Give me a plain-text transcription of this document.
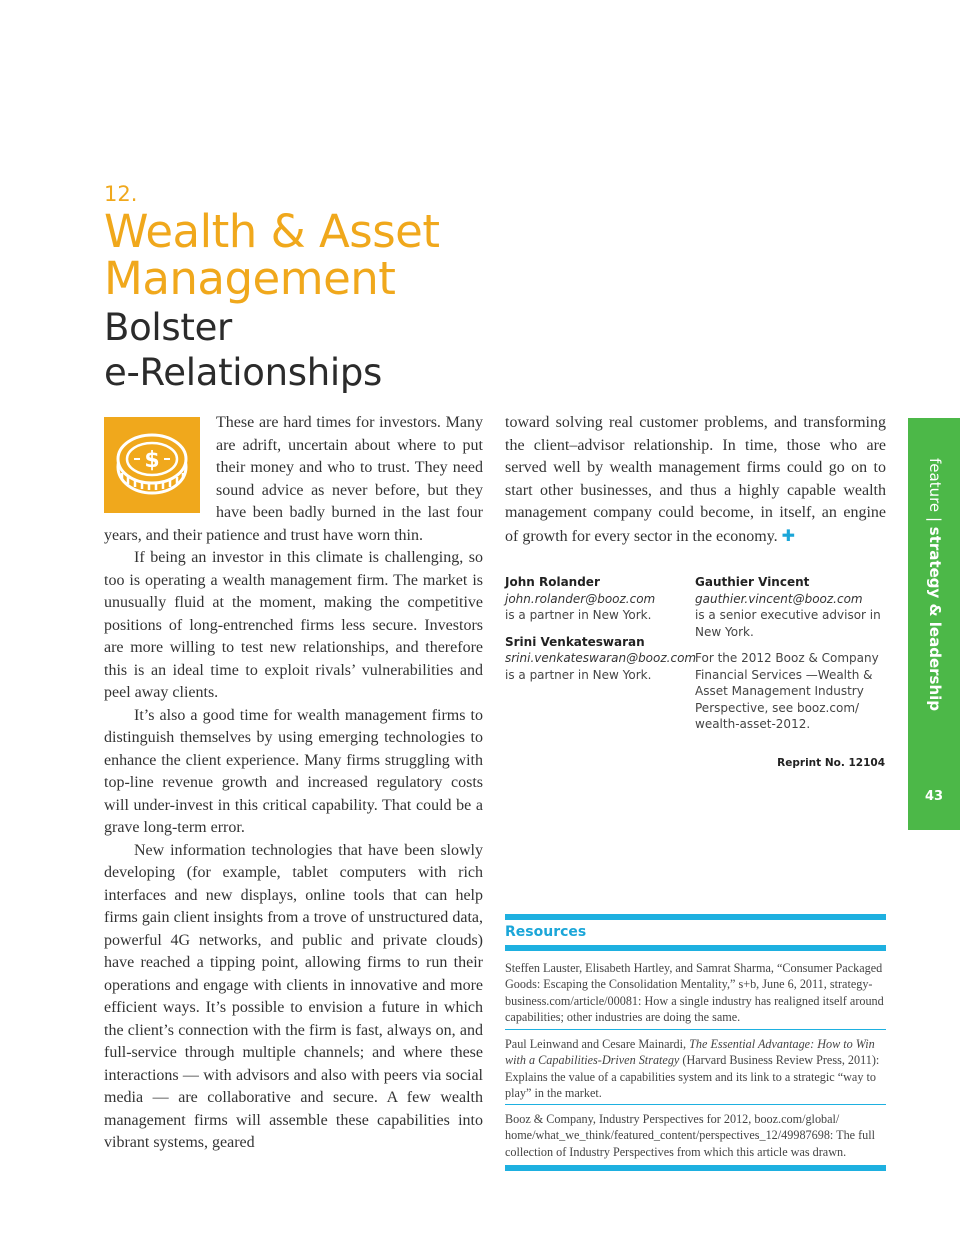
12.
Wealth & Asset
Management
Bolster
e-Relationships
$

These are hard times for investors. Many are adrift, uncertain about where to put their money and who to trust. They need sound advice as never before, but they have been badly burned in the last four years, and their patience and trust have worn thin.

If being an investor in this climate is challenging, so too is operating a wealth management firm. The market is unusually fluid at the moment, making the competitive positions of long-entrenched firms less secure. Investors are more willing to test new relationships, and therefore this is an ideal time to exploit rivals’ vulnerabilities and peel away clients.

It’s also a good time for wealth management firms to distinguish themselves by using emerging technologies to enhance the client experience. Many firms struggling with top-line revenue growth and increased regulatory costs will under-invest in this critical capability. That could be a grave long-term error.

New information technologies that have been slowly developing (for example, tablet computers with rich interfaces and new displays, online tools that can help firms gain client insights from a trove of unstructured data, powerful 4G networks, and public and private clouds) have reached a tipping point, allowing firms to run their operations and engage with clients in innovative and more efficient ways. It’s possible to envision a future in which the client’s connection with the firm is fast, always on, and full-service through multiple channels; and where these interactions — with advisors and also with peers via social media — are collaborative and secure. A few wealth management firms will assemble these capabilities into vibrant systems, geared

toward solving real customer problems, and transforming the client–advisor relationship. In time, those who are served well by wealth management firms could go on to start other businesses, and thus a highly capable wealth management company could become, in itself, an engine of growth for every sector in the economy. ✚

John Rolander
john.rolander@booz.com
is a partner in New York.
Srini Venkateswaran
srini.venkateswaran@booz.com
is a partner in New York.
Gauthier Vincent
gauthier.vincent@booz.com
is a senior executive advisor in New York.
For the 2012 Booz & Company Financial Services —Wealth & Asset Management Industry Perspective, see booz.com/ wealth-asset-2012.
Reprint No. 12104
Resources
Steffen Lauster, Elisabeth Hartley, and Samrat Sharma, “Consumer Packaged Goods: Escaping the Consolidation Mentality,” s+b, June 6, 2011, strategy-business.com/article/00081: How a single industry has realigned itself around capabilities; other industries are doing the same.
Paul Leinwand and Cesare Mainardi, The Essential Advantage: How to Win with a Capabilities-Driven Strategy (Harvard Business Review Press, 2011): Explains the value of a capabilities system and its link to a strategic “way to play” in the market.
Booz & Company, Industry Perspectives for 2012, booz.com/global/ home/what_we_think/featured_content/perspectives_12/49987698: The full collection of Industry Perspectives from which this article was drawn.
feature | strategy & leadership
43
